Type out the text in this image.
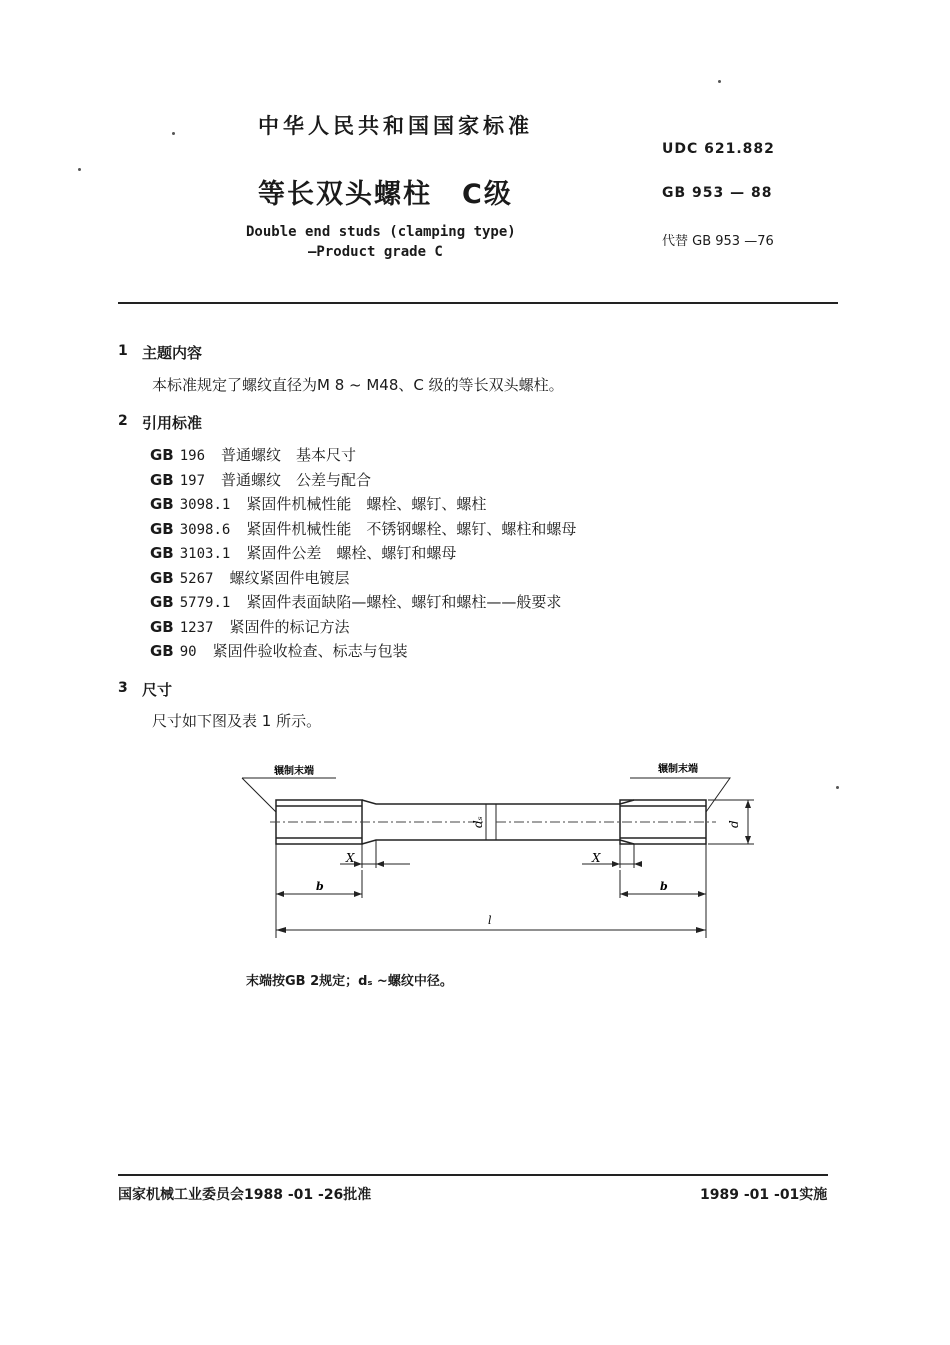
中华人民共和国国家标准
等长双头螺柱 C级
Double end studs (clamping type)
—Product grade C
UDC 621.882
GB 953 — 88
代替 GB 953 —76
1 主题内容
本标准规定了螺纹直径为M 8 ~ M48、C 级的等长双头螺柱。
2 引用标准
GB 196 普通螺纹　基本尺寸
GB 197 普通螺纹　公差与配合
GB 3098.1 紧固件机械性能　螺栓、螺钉、螺柱
GB 3098.6 紧固件机械性能　不锈钢螺栓、螺钉、螺柱和螺母
GB 3103.1 紧固件公差　螺栓、螺钉和螺母
GB 5267 螺纹紧固件电镀层
GB 5779.1 紧固件表面缺陷—螺栓、螺钉和螺柱——般要求
GB 1237 紧固件的标记方法
GB 90 紧固件验收检查、标志与包装
3 尺寸
尺寸如下图及表 1 所示。
辗制末端	辗制末端
d
dₛ
X	X
b	b
l
末端按GB 2规定；dₛ ~螺纹中径。
国家机械工业委员会1988 -01 -26批准	1989 -01 -01实施
